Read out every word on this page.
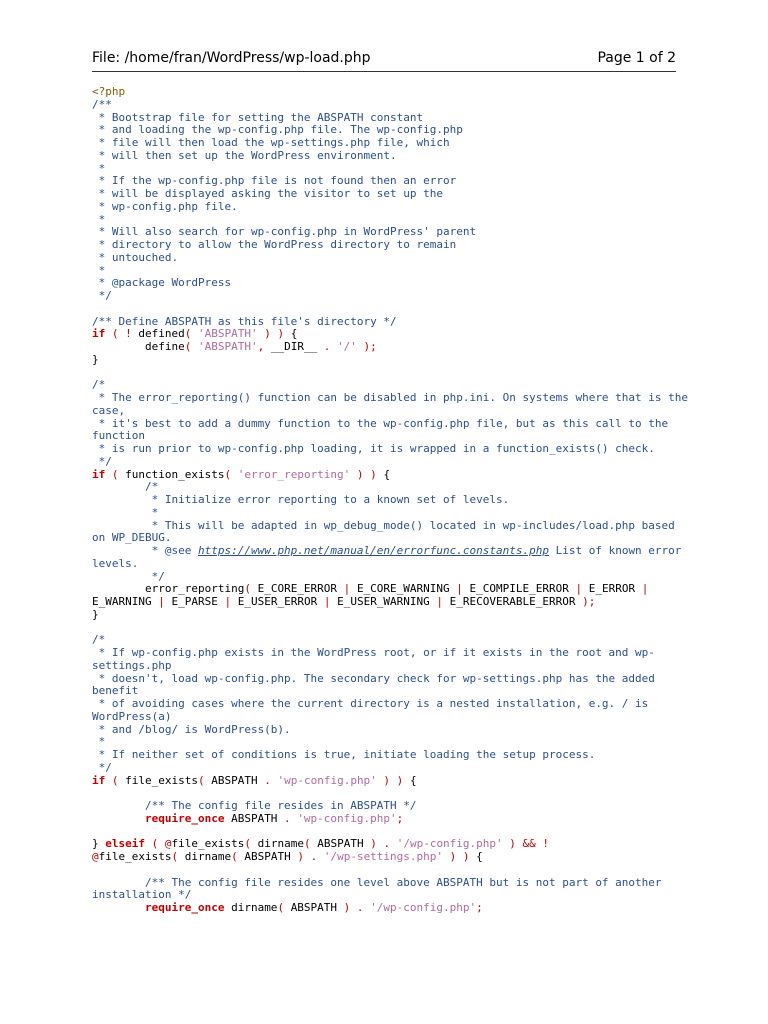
File: /home/fran/WordPress/wp-load.php	Page 1 of 2
<?php
/**
* Bootstrap file for setting the ABSPATH constant
* and loading the wp-config.php file. The wp-config.php
* file will then load the wp-settings.php file, which
* will then set up the WordPress environment.
*
* If the wp-config.php file is not found then an error
* will be displayed asking the visitor to set up the
* wp-config.php file.
*
* Will also search for wp-config.php in WordPress' parent
* directory to allow the WordPress directory to remain
* untouched.
*
* @package WordPress
*/
/** Define ABSPATH as this file's directory */
if ( ! defined( 'ABSPATH' ) ) {
define( 'ABSPATH', __DIR__ . '/' );
}
/*
* The error_reporting() function can be disabled in php.ini. On systems where that is the
case,
* it's best to add a dummy function to the wp-config.php file, but as this call to the
function
* is run prior to wp-config.php loading, it is wrapped in a function_exists() check.
*/
if ( function_exists( 'error_reporting' ) ) {
/*
* Initialize error reporting to a known set of levels.
*
* This will be adapted in wp_debug_mode() located in wp-includes/load.php based
on WP_DEBUG.
* @see https://www.php.net/manual/en/errorfunc.constants.php List of known error
levels.
*/
error_reporting( E_CORE_ERROR | E_CORE_WARNING | E_COMPILE_ERROR | E_ERROR |
E_WARNING | E_PARSE | E_USER_ERROR | E_USER_WARNING | E_RECOVERABLE_ERROR );
}
/*
* If wp-config.php exists in the WordPress root, or if it exists in the root and wp-
settings.php
* doesn't, load wp-config.php. The secondary check for wp-settings.php has the added
benefit
* of avoiding cases where the current directory is a nested installation, e.g. / is
WordPress(a)
* and /blog/ is WordPress(b).
*
* If neither set of conditions is true, initiate loading the setup process.
*/
if ( file_exists( ABSPATH . 'wp-config.php' ) ) {
/** The config file resides in ABSPATH */
require_once ABSPATH . 'wp-config.php';
} elseif ( @file_exists( dirname( ABSPATH ) . '/wp-config.php' ) && !
@file_exists( dirname( ABSPATH ) . '/wp-settings.php' ) ) {
/** The config file resides one level above ABSPATH but is not part of another
installation */
require_once dirname( ABSPATH ) . '/wp-config.php';
